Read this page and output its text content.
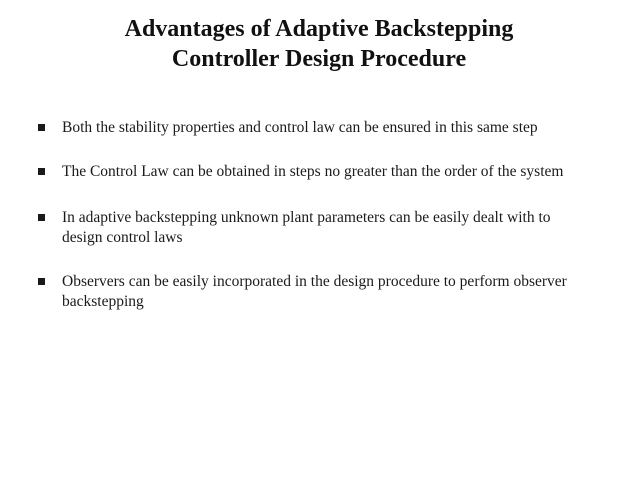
Advantages of Adaptive Backstepping
Controller Design Procedure
Both the stability properties and control law can be ensured in this same step
The Control Law can be obtained in steps no greater than the order of the system
In adaptive backstepping unknown plant parameters can be easily dealt with to
design control laws
Observers can be easily incorporated in the design procedure to perform observer
backstepping
